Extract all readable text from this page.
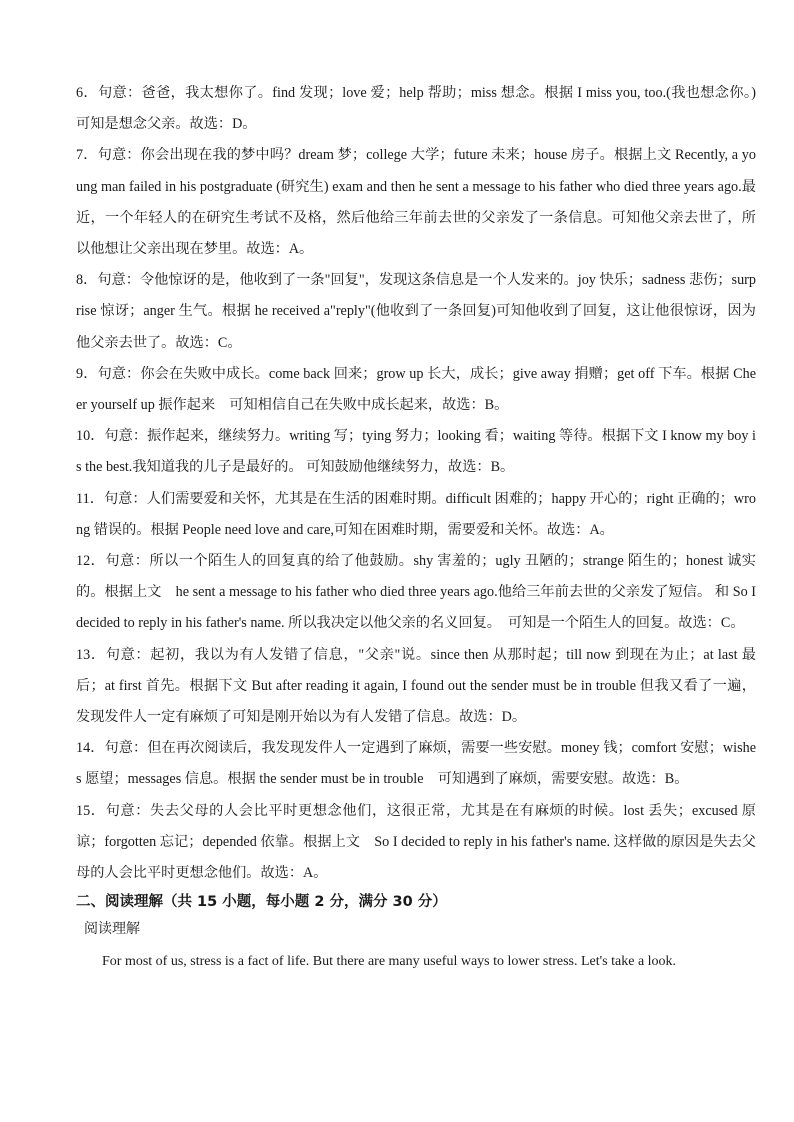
6．句意：爸爸，我太想你了。find 发现；love 爱；help 帮助；miss 想念。根据 I miss you, too.(我也想念你。)可知是想念父亲。故选：D。

7．句意：你会出现在我的梦中吗？dream 梦；college 大学；future 未来；house 房子。根据上文 Recently, a young man failed in his postgraduate (研究生) exam and then he sent a message to his father who died three years ago.最近，一个年轻人的在研究生考试不及格，然后他给三年前去世的父亲发了一条信息。可知他父亲去世了，所以他想让父亲出现在梦里。故选：A。

8．句意：令他惊讶的是，他收到了一条"回复"，发现这条信息是一个人发来的。joy 快乐；sadness 悲伤；surprise 惊讶；anger 生气。根据 he received a"reply"(他收到了一条回复)可知他收到了回复，这让他很惊讶，因为他父亲去世了。故选：C。

9．句意：你会在失败中成长。come back 回来；grow up 长大，成长；give away 捐赠；get off 下车。根据 Cheer yourself up 振作起来　可知相信自己在失败中成长起来，故选：B。

10．句意：振作起来，继续努力。writing 写；tying 努力；looking 看；waiting 等待。根据下文 I know my boy is the best.我知道我的儿子是最好的。 可知鼓励他继续努力，故选：B。

11．句意：人们需要爱和关怀，尤其是在生活的困难时期。difficult 困难的；happy 开心的；right 正确的；wrong 错误的。根据 People need love and care,可知在困难时期，需要爱和关怀。故选：A。

12．句意：所以一个陌生人的回复真的给了他鼓励。shy 害羞的；ugly 丑陋的；strange 陌生的；honest 诚实的。根据上文　he sent a message to his father who died three years ago.他给三年前去世的父亲发了短信。 和 So I decided to reply in his father's name. 所以我决定以他父亲的名义回复。　可知是一个陌生人的回复。故选：C。

13．句意：起初，我以为有人发错了信息，"父亲"说。since then 从那时起；till now 到现在为止；at last 最后；at first 首先。根据下文 But after reading it again, I found out the sender must be in trouble 但我又看了一遍，发现发件人一定有麻烦了可知是刚开始以为有人发错了信息。故选：D。

14．句意：但在再次阅读后，我发现发件人一定遇到了麻烦，需要一些安慰。money 钱；comfort 安慰；wishes 愿望；messages 信息。根据 the sender must be in trouble　可知遇到了麻烦，需要安慰。故选：B。

15．句意：失去父母的人会比平时更想念他们，这很正常，尤其是在有麻烦的时候。lost 丢失；excused 原谅；forgotten 忘记；depended 依靠。根据上文　So I decided to reply in his father's name. 这样做的原因是失去父母的人会比平时更想念他们。故选：A。

二、阅读理解（共 15 小题，每小题 2 分，满分 30 分）

阅读理解

For most of us, stress is a fact of life. But there are many useful ways to lower stress. Let's take a look.
